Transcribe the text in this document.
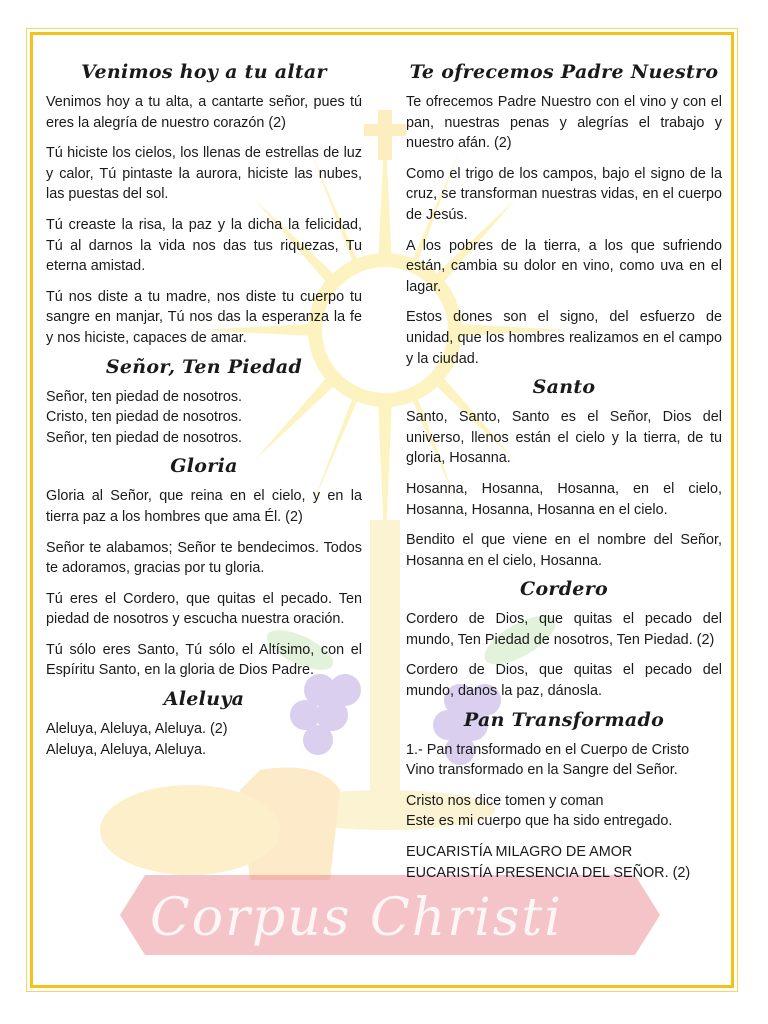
Corpus Christi
Venimos hoy a tu altar

Venimos hoy a tu alta, a cantarte señor, pues tú eres la alegría de nuestro corazón (2)

Tú hiciste los cielos, los llenas de estrellas de luz y calor, Tú pintaste la aurora, hiciste las nubes, las puestas del sol.

Tú creaste la risa, la paz y la dicha la felicidad, Tú al darnos la vida nos das tus riquezas, Tu eterna amistad.

Tú nos diste a tu madre, nos diste tu cuerpo tu sangre en manjar, Tú nos das la esperanza la fe y nos hiciste, capaces de amar.

Señor, Ten Piedad

Señor, ten piedad de nosotros.
Cristo, ten piedad de nosotros.
Señor, ten piedad de nosotros.

Gloria

Gloria al Señor, que reina en el cielo, y en la tierra paz a los hombres que ama Él. (2)

Señor te alabamos; Señor te bendecimos. Todos te adoramos, gracias por tu gloria.

Tú eres el Cordero, que quitas el pecado. Ten piedad de nosotros y escucha nuestra oración.

Tú sólo eres Santo, Tú sólo el Altísimo, con el Espíritu Santo, en la gloria de Dios Padre.

Aleluya

Aleluya, Aleluya, Aleluya. (2)
Aleluya, Aleluya, Aleluya.

Te ofrecemos Padre Nuestro

Te ofrecemos Padre Nuestro con el vino y con el pan, nuestras penas y alegrías el trabajo y nuestro afán. (2)

Como el trigo de los campos, bajo el signo de la cruz, se transforman nuestras vidas, en el cuerpo de Jesús.

A los pobres de la tierra, a los que sufriendo están, cambia su dolor en vino, como uva en el lagar.

Estos dones son el signo, del esfuerzo de unidad, que los hombres realizamos en el campo y la ciudad.

Santo

Santo, Santo, Santo es el Señor, Dios del universo, llenos están el cielo y la tierra, de tu gloria, Hosanna.

Hosanna, Hosanna, Hosanna, en el cielo, Hosanna, Hosanna, Hosanna en el cielo.

Bendito el que viene en el nombre del Señor, Hosanna en el cielo, Hosanna.

Cordero

Cordero de Dios, que quitas el pecado del mundo, Ten Piedad de nosotros, Ten Piedad. (2)

Cordero de Dios, que quitas el pecado del mundo, danos la paz, dánosla.

Pan Transformado

1.- Pan transformado en el Cuerpo de Cristo
Vino transformado en la Sangre del Señor.

Cristo nos dice tomen y coman
Este es mi cuerpo que ha sido entregado.

EUCARISTÍA MILAGRO DE AMOR
EUCARISTÍA PRESENCIA DEL SEÑOR. (2)
